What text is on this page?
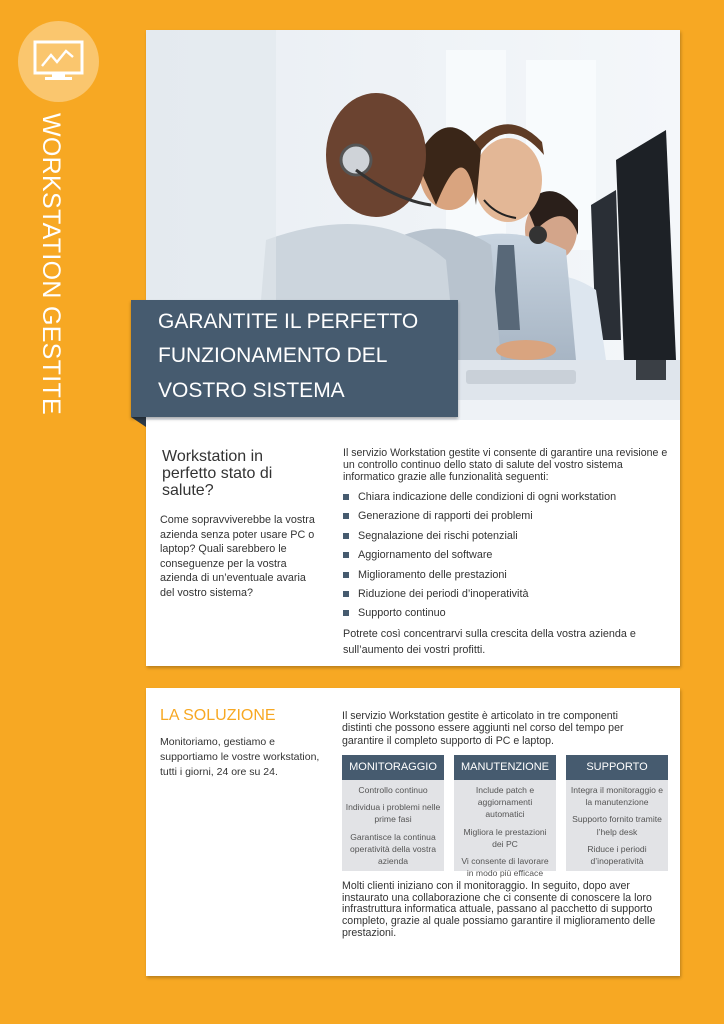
WORKSTATION GESTITE	GARANTITE IL PERFETTO
FUNZIONAMENTO DEL
VOSTRO SISTEMA
Workstation in perfetto stato di salute?
Come sopravviverebbe la vostra azienda senza poter usare PC o laptop? Quali sarebbero le conseguenze per la vostra azienda di un’eventuale avaria del vostro sistema?
Il servizio Workstation gestite vi consente di garantire una revisione e un controllo continuo dello stato di salute del vostro sistema informatico grazie alle funzionalità seguenti:
Chiara indicazione delle condizioni di ogni workstation
Generazione di rapporti dei problemi
Segnalazione dei rischi potenziali
Aggiornamento del software
Miglioramento delle prestazioni
Riduzione dei periodi d’inoperatività
Supporto continuo
Potrete così concentrarvi sulla crescita della vostra azienda e sull’aumento dei vostri profitti.
LA SOLUZIONE
Monitoriamo, gestiamo e supportiamo le vostre workstation, tutti i giorni, 24 ore su 24.
Il servizio Workstation gestite è articolato in tre componenti distinti che possono essere aggiunti nel corso del tempo per garantire il completo supporto di PC e laptop.
MONITORAGGIO
Controllo continuo
Individua i problemi nelle prime fasi
Garantisce la continua operatività della vostra azienda
MANUTENZIONE
Include patch e aggiornamenti automatici
Migliora le prestazioni dei PC
Vi consente di lavorare in modo più efficace
SUPPORTO
Integra il monitoraggio e la manutenzione
Supporto fornito tramite l’help desk
Riduce i periodi d’inoperatività
Molti clienti iniziano con il monitoraggio. In seguito, dopo aver instaurato una collaborazione che ci consente di conoscere la loro infrastruttura informatica attuale, passano al pacchetto di supporto completo, grazie al quale possiamo garantire il miglioramento delle prestazioni.
